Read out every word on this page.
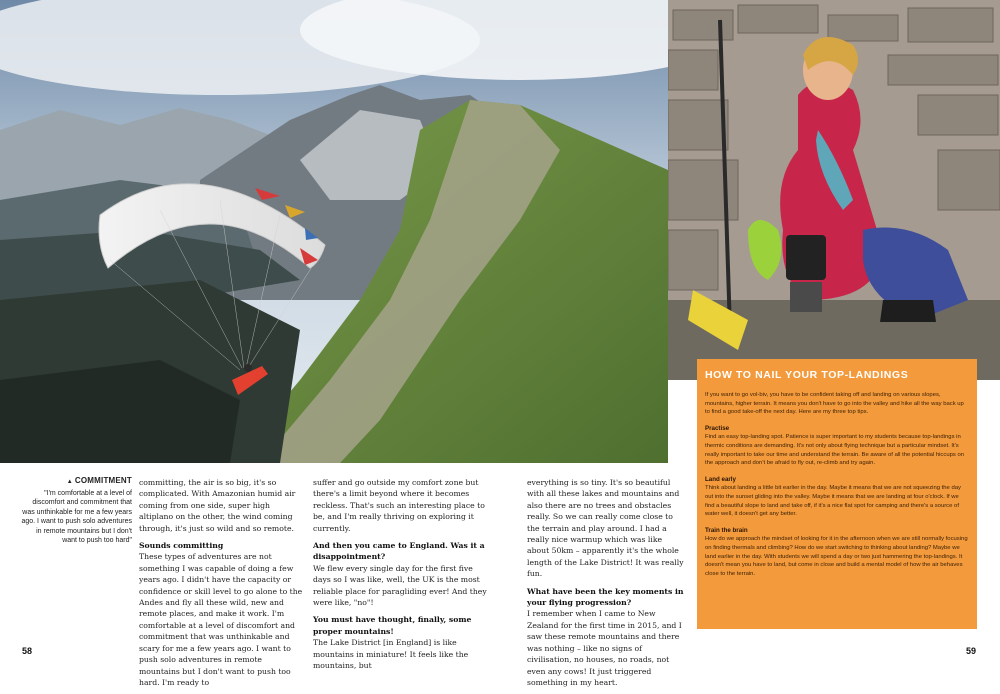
▲ COMMITMENT
"I'm comfortable at a level of discomfort and commitment that was unthinkable for me a few years ago. I want to push solo adventures in remote mountains but I don't want to push too hard"

committing, the air is so big, it's so complicated. With Amazonian humid air coming from one side, super high altiplano on the other, the wind coming through, it's just so wild and so remote.

Sounds committing

These types of adventures are not something I was capable of doing a few years ago. I didn't have the capacity or confidence or skill level to go alone to the Andes and fly all these wild, new and remote places, and make it work. I'm comfortable at a level of discomfort and commitment that was unthinkable and scary for me a few years ago. I want to push solo adventures in remote mountains but I don't want to push too hard. I'm ready to

suffer and go outside my comfort zone but there's a limit beyond where it becomes reckless. That's such an interesting place to be, and I'm really thriving on exploring it currently.

And then you came to England. Was it a disappointment?

We flew every single day for the first five days so I was like, well, the UK is the most reliable place for paragliding ever! And they were like, "no"!

You must have thought, finally, some proper mountains!

The Lake District [in England] is like mountains in miniature! It feels like the mountains, but

everything is so tiny. It's so beautiful with all these lakes and mountains and also there are no trees and obstacles really. So we can really come close to the terrain and play around. I had a really nice warmup which was like about 50km – apparently it's the whole length of the Lake District! It was really fun.

What have been the key moments in your flying progression?

I remember when I came to New Zealand for the first time in 2015, and I saw these remote mountains and there was nothing – like no signs of civilisation, no houses, no roads, not even any cows! It just triggered something in my heart.

HOW TO NAIL YOUR TOP-LANDINGS

If you want to go vol-biv, you have to be confident taking off and landing on various slopes, mountains, higher terrain. It means you don't have to go into the valley and hike all the way back up to find a good take-off the next day. Here are my three top tips.

Practise

Find an easy top-landing spot. Patience is super important to my students because top-landings in thermic conditions are demanding. It's not only about flying technique but a particular mindset. It's really important to take our time and understand the terrain. Be aware of all the potential hiccups on the approach and don't be afraid to fly out, re-climb and try again.

Land early

Think about landing a little bit earlier in the day. Maybe it means that we are not squeezing the day out into the sunset gliding into the valley. Maybe it means that we are landing at four o'clock. If we find a beautiful slope to land and take off, if it's a nice flat spot for camping and there's a source of water well, it doesn't get any better.

Train the brain

How do we approach the mindset of looking for it in the afternoon when we are still normally focusing on finding thermals and climbing? How do we start switching to thinking about landing? Maybe we land earlier in the day. With students we will spend a day or two just hammering the top-landings. It doesn't mean you have to land, but come in close and build a mental model of how the air behaves close to the terrain.

58	59
